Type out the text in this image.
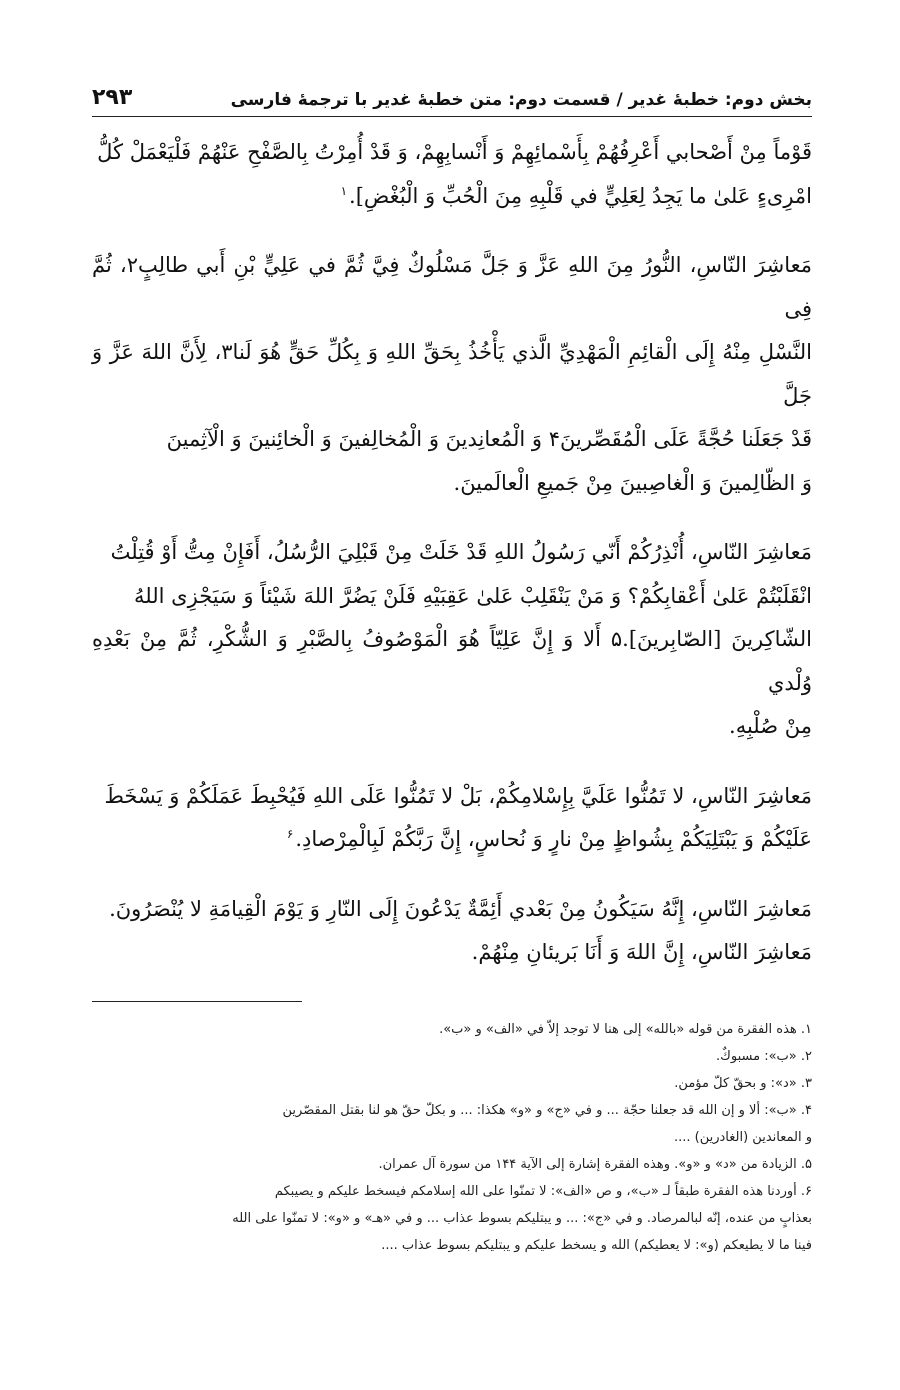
بخش دوم: خطبهٔ غدیر / قسمت دوم: متن خطبهٔ غدیر با ترجمهٔ فارسی
۲۹۳

قَوْماً مِنْ أَصْحابي أَعْرِفُهُمْ بِأَسْمائِهِمْ وَ أَنْسابِهِمْ، وَ قَدْ أُمِرْتُ بِالصَّفْحِ عَنْهُمْ فَلْيَعْمَلْ كُلُّ
امْرِىءٍ عَلىٰ ما يَجِدُ لِعَلِيٍّ في قَلْبِهِ مِنَ الْحُبِّ وَ الْبُغْضِ].$^۱$

مَعاشِرَ النّاسِ، النُّورُ مِنَ اللهِ عَزَّ وَ جَلَّ مَسْلُوكٌ فِيَّ ثُمَّ في عَلِيٍّ بْنِ أَبي طالِبٍ۲، ثُمَّ فِی
النَّسْلِ مِنْهُ إِلَى الْقائِمِ الْمَهْدِيِّ الَّذي يَأْخُذُ بِحَقِّ اللهِ وَ بِكُلِّ حَقٍّ هُوَ لَنا۳، لِأَنَّ اللهَ عَزَّ وَ جَلَّ
قَدْ جَعَلَنا حُجَّةً عَلَى الْمُقَصِّرينَ۴ وَ الْمُعانِدينَ وَ الْمُخالِفينَ وَ الْخائِنينَ وَ الْآثِمينَ
وَ الظّالِمينَ وَ الْغاصِبينَ مِنْ جَميعِ الْعالَمينَ.

مَعاشِرَ النّاسِ، أُنْذِرُكُمْ أَنّي رَسُولُ اللهِ قَدْ خَلَتْ مِنْ قَبْلِيَ الرُّسُلُ، أَفَإِنْ مِتُّ أَوْ قُتِلْتُ
انْقَلَبْتُمْ عَلىٰ أَعْقابِكُمْ؟ وَ مَنْ يَنْقَلِبْ عَلىٰ عَقِبَيْهِ فَلَنْ يَضُرَّ اللهَ شَيْئاً وَ سَيَجْزِى اللهُ
الشّاكِرينَ [الصّابِرينَ].۵ أَلا وَ إِنَّ عَلِيّاً هُوَ الْمَوْصُوفُ بِالصَّبْرِ وَ الشُّكْرِ، ثُمَّ مِنْ بَعْدِهِ وُلْدي
مِنْ صُلْبِهِ.

مَعاشِرَ النّاسِ، لا تَمُنُّوا عَلَيَّ بِإِسْلامِكُمْ، بَلْ لا تَمُنُّوا عَلَى اللهِ فَيُحْبِطَ عَمَلَكُمْ وَ يَسْخَطَ
عَلَيْكُمْ وَ يَبْتَلِيَكُمْ بِشُواظٍ مِنْ نارٍ وَ نُحاسٍ، إِنَّ رَبَّكُمْ لَبِالْمِرْصادِ.$^۶$

مَعاشِرَ النّاسِ، إِنَّهُ سَيَكُونُ مِنْ بَعْدي أَئِمَّةٌ يَدْعُونَ إِلَى النّارِ وَ يَوْمَ الْقِيامَةِ لا يُنْصَرُونَ.
مَعاشِرَ النّاسِ، إِنَّ اللهَ وَ أَنَا بَريئانِ مِنْهُمْ.

۱. هذه الفقرة من قوله «بالله» إلى هنا لا توجد إلاّ في «الف» و «ب».
۲. «ب»: مسبوكٌ.
۳. «د»: و بحقّ كلّ مؤمن.
۴. «ب»: ألا و إن الله قد جعلنا حجّة ... و في «ج» و «و» هكذا: ... و بكلّ حقّ هو لنا بقتل المقصّرين
و المعاندين (الغادرين) ....
۵. الزيادة من «د» و «و». وهذه الفقرة إشارة إلى الآية ۱۴۴ من سورة آل عمران.
۶. أوردنا هذه الفقرة طبقاً لـ «ب»، و ص «الف»: لا تمنّوا على الله إسلامكم فيسخط عليكم و يصيبكم
بعذابٍ من عنده، إنّه لبالمرصاد. و في «ج»: ... و يبتليكم بسوط عذاب ... و في «هـ» و «و»: لا تمنّوا على الله
فينا ما لا يطيعكم (و»: لا يعطيكم) الله و يسخط عليكم و يبتليكم بسوط عذاب ....
